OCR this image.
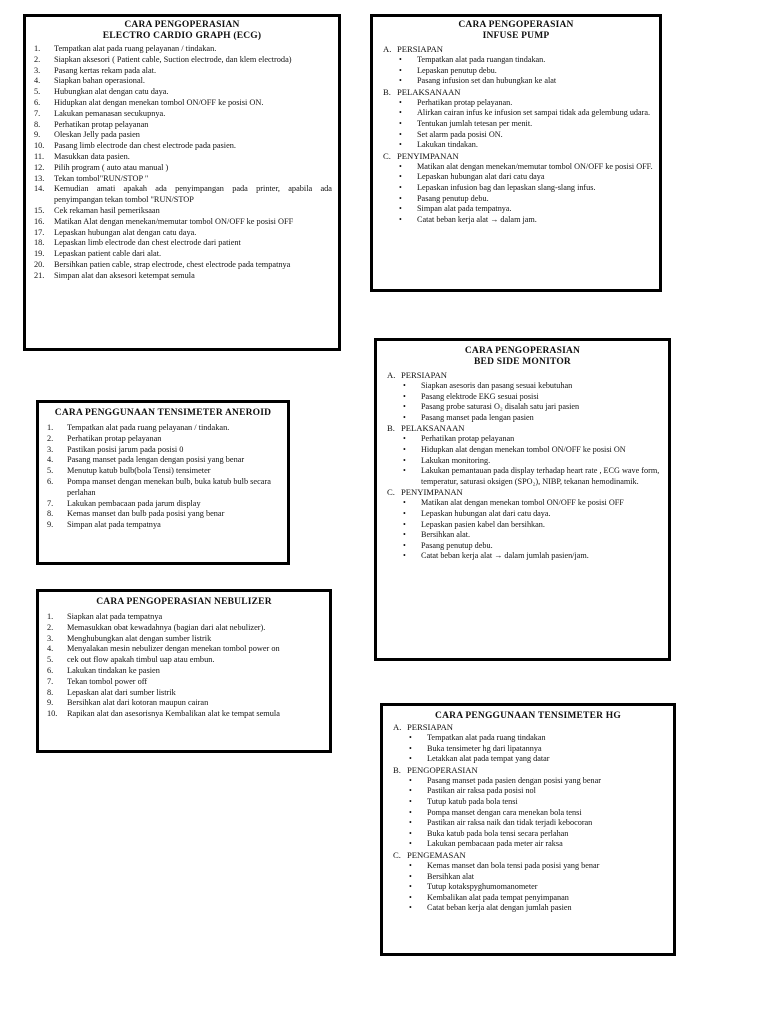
CARA PENGOPERASIAN
ELECTRO CARDIO GRAPH (ECG)
1. Tempatkan alat pada ruang pelayanan / tindakan.
2. Siapkan aksesori ( Patient cable, Suction electrode, dan klem electroda)
3. Pasang kertas rekam pada alat.
4. Siapkan bahan operasional.
5. Hubungkan alat dengan catu daya.
6. Hidupkan alat dengan menekan tombol ON/OFF ke posisi ON.
7. Lakukan pemanasan secukupnya.
8. Perhatikan protap pelayanan
9. Oleskan Jelly pada pasien
10. Pasang limb electrode dan chest electrode pada pasien.
11. Masukkan data pasien.
12. Pilih program ( auto atau manual )
13. Tekan tombol"RUN/STOP "
14. Kemudian amati apakah ada penyimpangan pada printer, apabila ada penyimpangan tekan tombol "RUN/STOP
15. Cek rekaman hasil pemeriksaan
16. Matikan Alat dengan menekan/memutar tombol ON/OFF ke posisi OFF
17. Lepaskan hubungan alat dengan catu daya.
18. Lepaskan limb electrode dan chest electrode dari patient
19. Lepaskan patient cable dari alat.
20. Bersihkan patien cable, strap electrode, chest electrode pada tempatnya
21. Simpan alat dan aksesori ketempat semula
CARA PENGOPERASIAN
INFUSE PUMP
A. PERSIAPAN
• Tempatkan alat pada ruangan tindakan.
• Lepaskan penutup debu.
• Pasang infusion set dan hubungkan ke alat
B. PELAKSANAAN
• Perhatikan protap pelayanan.
• Alirkan cairan infus ke infusion set sampai tidak ada gelembung udara.
• Tentukan jumlah tetesan per menit.
• Set alarm pada posisi ON.
• Lakukan tindakan.
C. PENYIMPANAN
• Matikan alat dengan menekan/memutar tombol ON/OFF ke posisi OFF.
• Lepaskan hubungan alat dari catu daya
• Lepaskan infusion bag dan lepaskan slang-slang infus.
• Pasang penutup debu.
• Simpan alat pada tempatnya.
• Catat beban kerja alat → dalam jam.
CARA PENGGUNAAN TENSIMETER ANEROID
1. Tempatkan alat pada ruang pelayanan / tindakan.
2. Perhatikan protap pelayanan
3. Pastikan posisi jarum pada posisi 0
4. Pasang manset pada lengan dengan posisi yang benar
5. Menutup katub bulb(bola Tensi) tensimeter
6. Pompa manset dengan menekan bulb, buka katub bulb secara perlahan
7. Lakukan pembacaan pada jarum display
8. Kemas manset dan bulb pada posisi yang benar
9. Simpan alat pada tempatnya
CARA PENGOPERASIAN
BED SIDE MONITOR
A. PERSIAPAN
• Siapkan asesoris dan pasang sesuai kebutuhan
• Pasang elektrode EKG sesuai posisi
• Pasang probe saturasi O₂ disalah satu jari pasien
• Pasang manset pada lengan pasien
B. PELAKSANAAN
• Perhatikan protap pelayanan
• Hidupkan alat dengan menekan tombol ON/OFF ke posisi ON
• Lakukan monitoring.
• Lakukan pemantauan pada display terhadap heart rate , ECG wave form, temperatur, saturasi oksigen (SPO₂), NIBP, tekanan hemodinamik.
C. PENYIMPANAN
• Matikan alat dengan menekan tombol ON/OFF ke posisi OFF
• Lepaskan hubungan alat dari catu daya.
• Lepaskan pasien kabel dan bersihkan.
• Bersihkan alat.
• Pasang penutup debu.
• Catat beban kerja alat → dalam jumlah pasien/jam.
CARA PENGOPERASIAN NEBULIZER
1. Siapkan alat pada tempatnya
2. Memasukkan obat kewadahnya (bagian dari alat nebulizer).
3. Menghubungkan alat dengan sumber listrik
4. Menyalakan mesin nebulizer dengan menekan tombol power on
5. cek out flow apakah timbul uap atau embun.
6. Lakukan tindakan ke pasien
7. Tekan tombol power off
8. Lepaskan alat dari sumber listrik
9. Bersihkan alat dari kotoran maupun cairan
10. Rapikan alat dan asesorisnya Kembalikan alat ke tempat semula	CARA PENGGUNAAN TENSIMETER HG
A. PERSIAPAN
• Tempatkan alat pada ruang tindakan
• Buka tensimeter hg dari lipatannya
• Letakkan alat pada tempat yang datar
B. PENGOPERASIAN
• Pasang manset pada pasien dengan posisi yang benar
• Pastikan air raksa pada posisi nol
• Tutup katub pada bola tensi
• Pompa manset dengan cara menekan bola tensi
• Pastikan air raksa naik dan tidak terjadi kebocoran
• Buka katub pada bola tensi secara perlahan
• Lakukan pembacaan pada meter air raksa
C. PENGEMASAN
• Kemas manset dan bola tensi pada posisi yang benar
• Bersihkan alat
• Tutup kotakspyghumomanometer
• Kembalikan alat pada tempat penyimpanan
• Catat beban kerja alat dengan jumlah pasien
